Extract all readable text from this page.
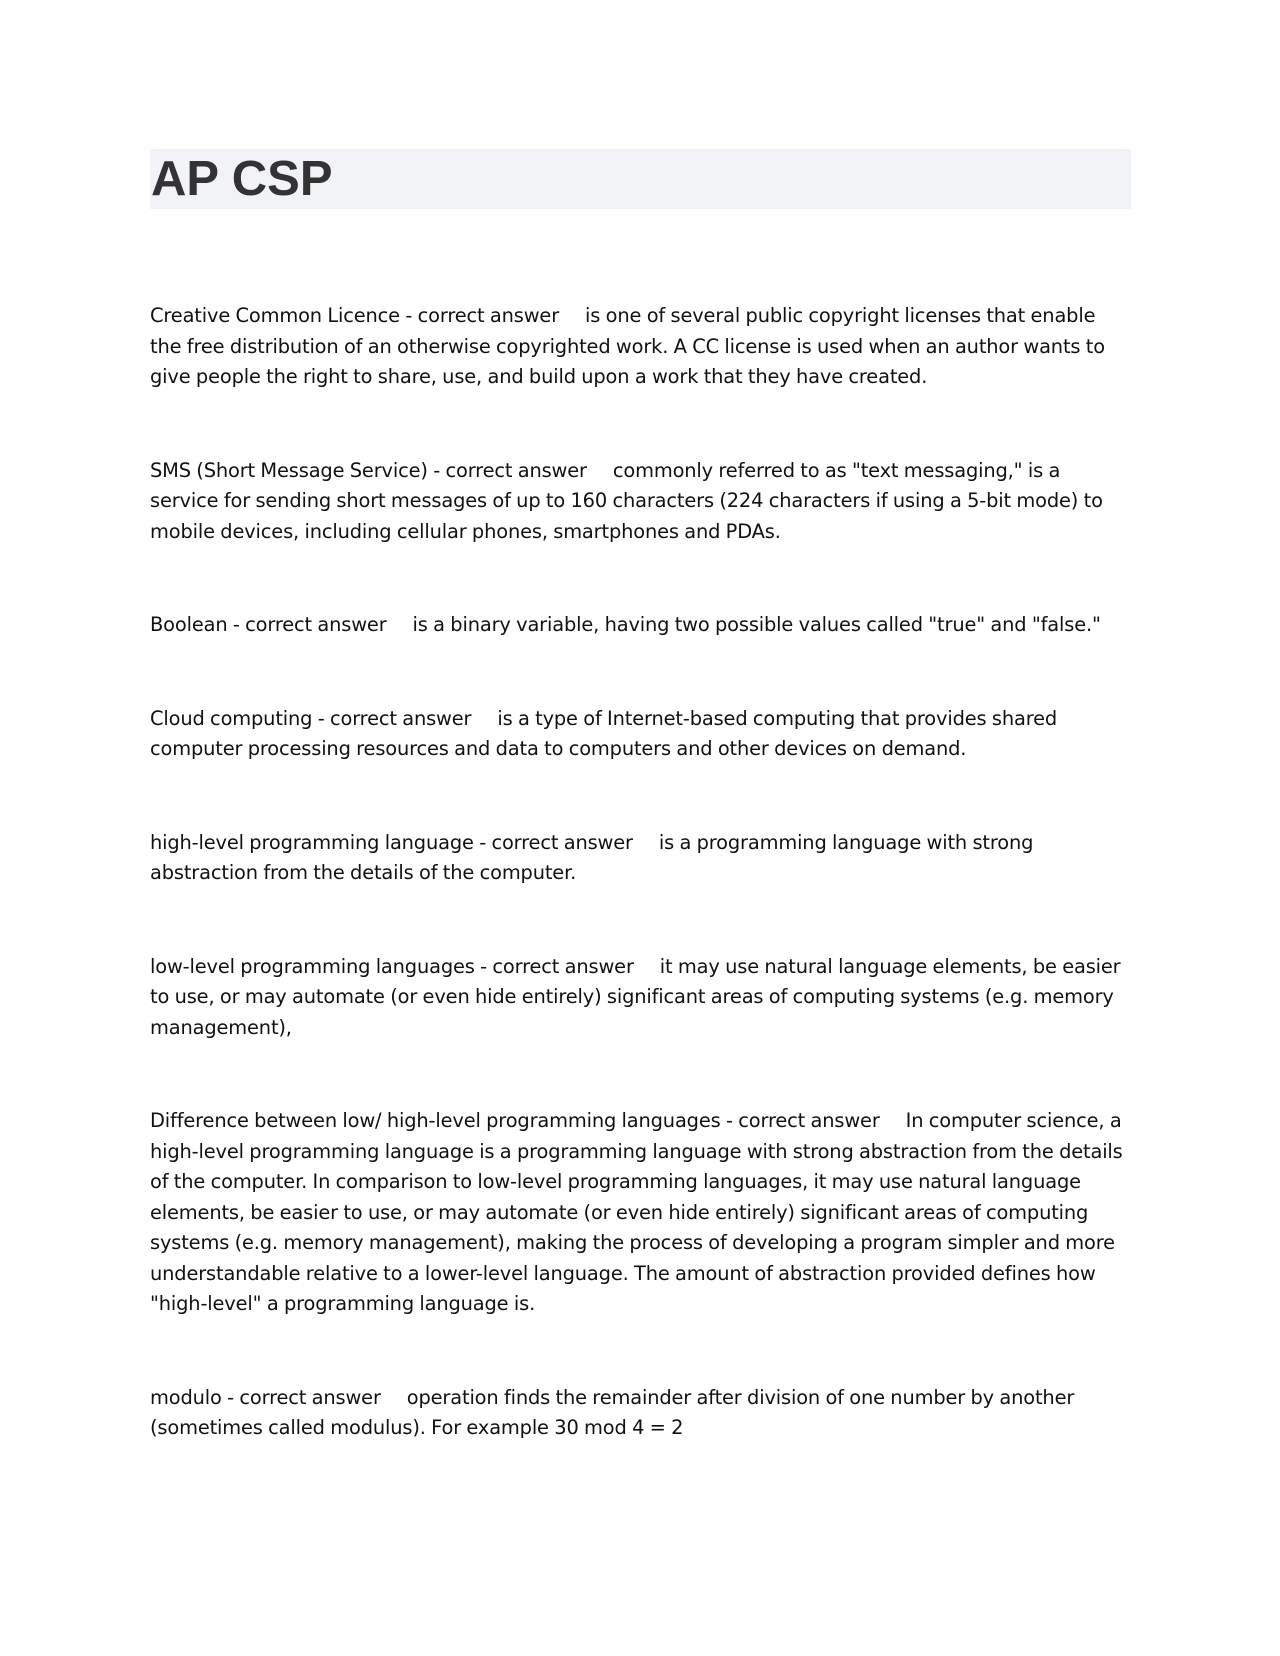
AP CSP

Creative Common Licence - correct answer is one of several public copyright licenses that enable the free distribution of an otherwise copyrighted work. A CC license is used when an author wants to give people the right to share, use, and build upon a work that they have created.

SMS (Short Message Service) - correct answer commonly referred to as "text messaging," is a service for sending short messages of up to 160 characters (224 characters if using a 5-bit mode) to mobile devices, including cellular phones, smartphones and PDAs.

Boolean - correct answer is a binary variable, having two possible values called "true" and "false."

Cloud computing - correct answer is a type of Internet-based computing that provides shared computer processing resources and data to computers and other devices on demand.

high-level programming language - correct answer is a programming language with strong abstraction from the details of the computer.

low-level programming languages - correct answer it may use natural language elements, be easier to use, or may automate (or even hide entirely) significant areas of computing systems (e.g. memory management),

Difference between low/ high-level programming languages - correct answer In computer science, a high-level programming language is a programming language with strong abstraction from the details of the computer. In comparison to low-level programming languages, it may use natural language elements, be easier to use, or may automate (or even hide entirely) significant areas of computing systems (e.g. memory management), making the process of developing a program simpler and more understandable relative to a lower-level language. The amount of abstraction provided defines how "high-level" a programming language is.

modulo - correct answer operation finds the remainder after division of one number by another (sometimes called modulus). For example 30 mod 4 = 2
